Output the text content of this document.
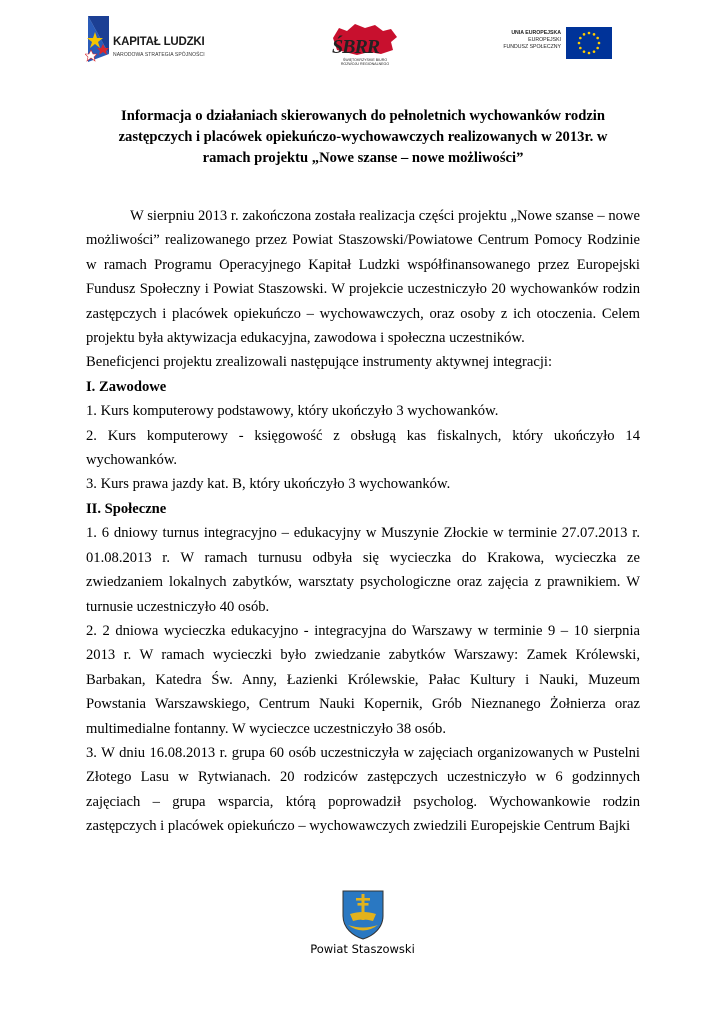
KAPITAŁ LUDZKI
NARODOWA STRATEGIA SPÓJNOŚCI	ŚBRR
ŚWIĘTOKRZYSKIE BIURO
ROZWOJU REGIONALNEGO
UNIA EUROPEJSKA
EUROPEJSKI
FUNDUSZ SPOŁECZNY
Informacja o działaniach skierowanych do pełnoletnich wychowanków rodzin
zastępczych i placówek opiekuńczo-wychowawczych realizowanych w 2013r. w
ramach projektu „Nowe szanse – nowe możliwości”

W sierpniu 2013 r. zakończona została realizacja części projektu „Nowe szanse – nowe możliwości” realizowanego przez Powiat Staszowski/Powiatowe Centrum Pomocy Rodzinie w ramach Programu Operacyjnego Kapitał Ludzki współfinansowanego przez Europejski Fundusz Społeczny i Powiat Staszowski. W projekcie uczestniczyło 20 wychowanków rodzin zastępczych i placówek opiekuńczo – wychowawczych, oraz osoby z ich otoczenia. Celem projektu była aktywizacja edukacyjna, zawodowa i społeczna uczestników.

Beneficjenci projektu zrealizowali następujące instrumenty aktywnej integracji:

I. Zawodowe

1. Kurs komputerowy podstawowy, który ukończyło 3 wychowanków.

2. Kurs komputerowy - księgowość z obsługą kas fiskalnych, który ukończyło 14 wychowanków.

3. Kurs prawa jazdy kat. B, który ukończyło 3 wychowanków.

II. Społeczne

1. 6 dniowy turnus integracyjno – edukacyjny w Muszynie Złockie w terminie 27.07.2013 r. 01.08.2013 r. W ramach turnusu odbyła się wycieczka do Krakowa, wycieczka ze zwiedzaniem lokalnych zabytków, warsztaty psychologiczne oraz zajęcia z prawnikiem. W turnusie uczestniczyło 40 osób.

2. 2 dniowa wycieczka edukacyjno - integracyjna do Warszawy w terminie 9 – 10 sierpnia 2013 r. W ramach wycieczki było zwiedzanie zabytków Warszawy: Zamek Królewski, Barbakan, Katedra Św. Anny, Łazienki Królewskie, Pałac Kultury i Nauki, Muzeum Powstania Warszawskiego, Centrum Nauki Kopernik, Grób Nieznanego Żołnierza oraz multimedialne fontanny. W wycieczce uczestniczyło 38 osób.

3. W dniu 16.08.2013 r. grupa 60 osób uczestniczyła w zajęciach organizowanych w Pustelni Złotego Lasu w Rytwianach. 20 rodziców zastępczych uczestniczyło w 6 godzinnych zajęciach – grupa wsparcia, którą poprowadził psycholog. Wychowankowie rodzin zastępczych i placówek opiekuńczo – wychowawczych zwiedzili Europejskie Centrum Bajki

Powiat Staszowski
